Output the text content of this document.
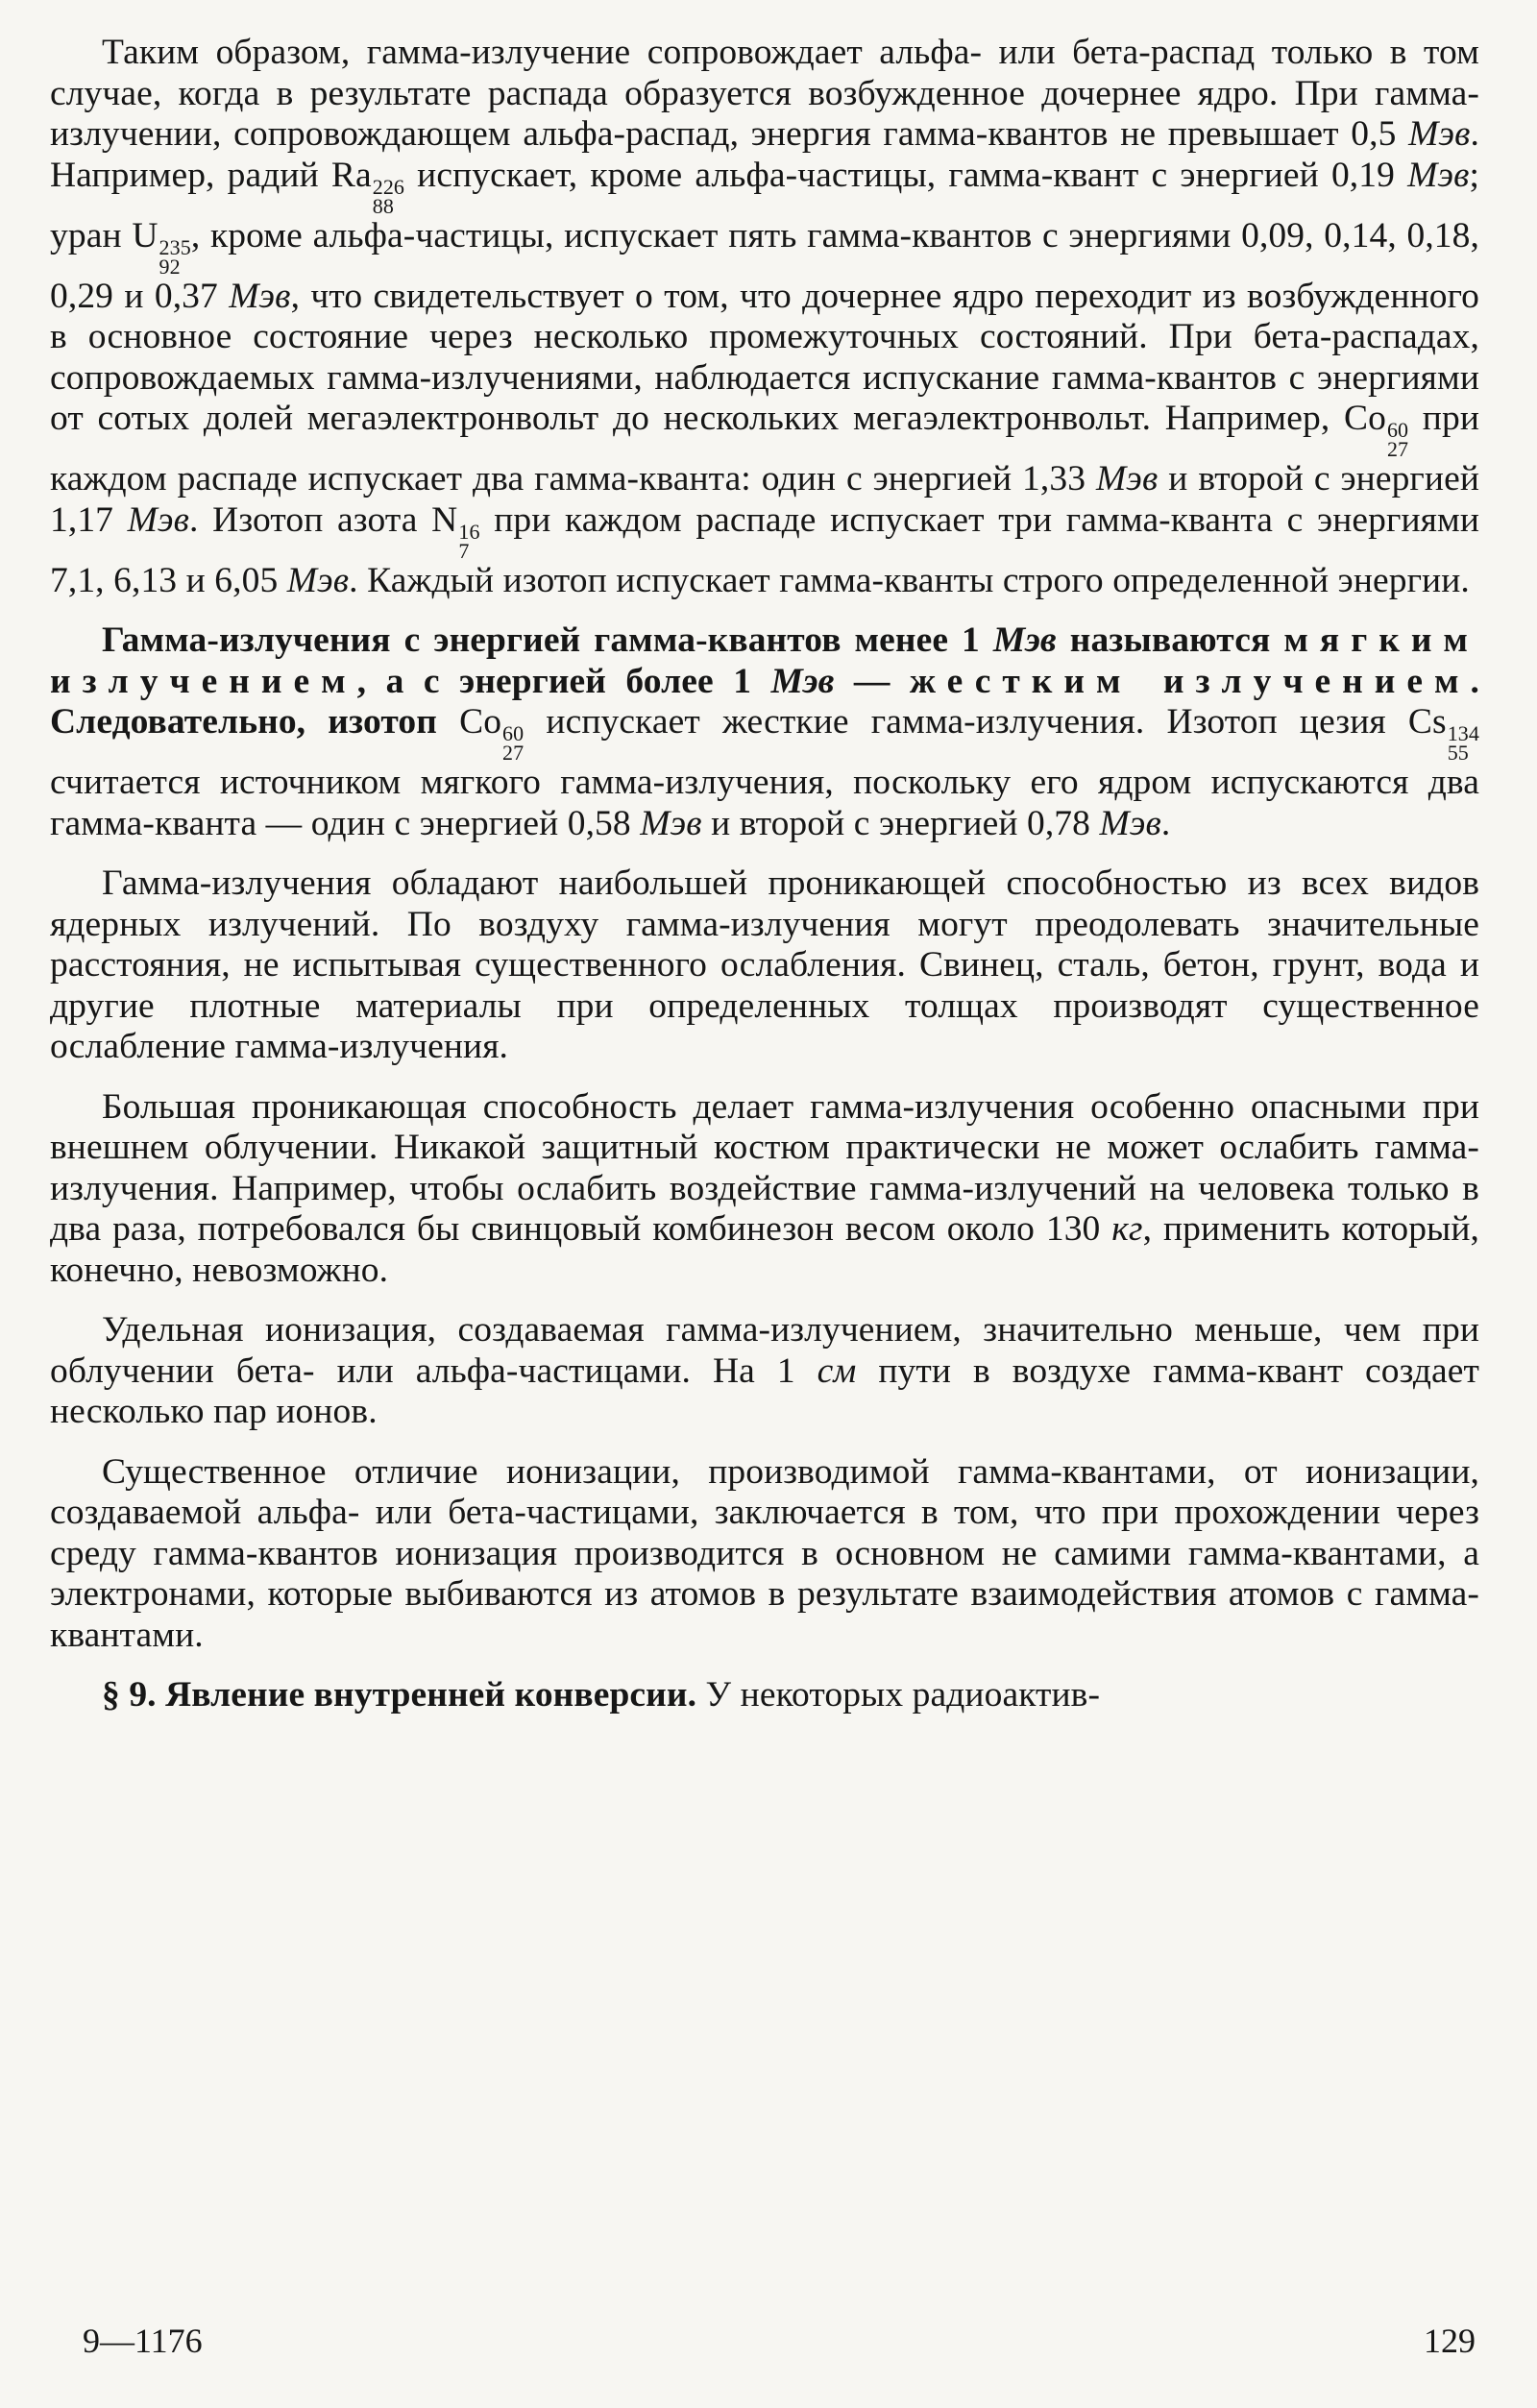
Таким образом, гамма-излучение сопровождает альфа- или бета-распад только в том случае, когда в результате распада образуется возбужденное дочернее ядро. При гамма-излучении, сопровождающем альфа-распад, энергия гамма-квантов не превышает 0,5 Мэв. Например, радий Ra 226
88
испускает, кроме альфа-частицы, гамма-квант с энергией 0,19 Мэв; уран U 235
92
, кроме альфа-частицы, испускает пять гамма-квантов с энергиями 0,09, 0,14, 0,18, 0,29 и 0,37 Мэв, что свидетельствует о том, что дочернее ядро переходит из возбужденного в основное состояние через несколько промежуточных состояний. При бета-распадах, сопровождаемых гамма-излучениями, наблюдается испускание гамма-квантов с энергиями от сотых долей мегаэлектронвольт до нескольких мегаэлектронвольт. Например, Co 60
27
при каждом распаде испускает два гамма-кванта: один с энергией 1,33 Мэв и второй с энергией 1,17 Мэв. Изотоп азота N 16
7
при каждом распаде испускает три гамма-кванта с энергиями 7,1, 6,13 и 6,05 Мэв. Каждый изотоп испускает гамма-кванты строго определенной энергии.

Гамма-излучения с энергией гамма-квантов менее 1 Мэв называются мягким излучением, а с энергией более 1 Мэв — жестким излучением. Следовательно, изотоп Co 60
27
испускает жесткие гамма-излучения. Изотоп цезия Cs 134
55
считается источником мягкого гамма-излучения, поскольку его ядром испускаются два гамма-кванта — один с энергией 0,58 Мэв и второй с энергией 0,78 Мэв.

Гамма-излучения обладают наибольшей проникающей способностью из всех видов ядерных излучений. По воздуху гамма-излучения могут преодолевать значительные расстояния, не испытывая существенного ослабления. Свинец, сталь, бетон, грунт, вода и другие плотные материалы при определенных толщах производят существенное ослабление гамма-излучения.

Большая проникающая способность делает гамма-излучения особенно опасными при внешнем облучении. Никакой защитный костюм практически не может ослабить гамма-излучения. Например, чтобы ослабить воздействие гамма-излучений на человека только в два раза, потребовался бы свинцовый комбинезон весом около 130 кг, применить который, конечно, невозможно.

Удельная ионизация, создаваемая гамма-излучением, значительно меньше, чем при облучении бета- или альфа-частицами. На 1 см пути в воздухе гамма-квант создает несколько пар ионов.

Существенное отличие ионизации, производимой гамма-квантами, от ионизации, создаваемой альфа- или бета-частицами, заключается в том, что при прохождении через среду гамма-квантов ионизация производится в основном не самими гамма-квантами, а электронами, которые выбиваются из атомов в результате взаимодействия атомов с гамма-квантами.

§ 9. Явление внутренней конверсии. У некоторых радиоактив-

9—1176	129
